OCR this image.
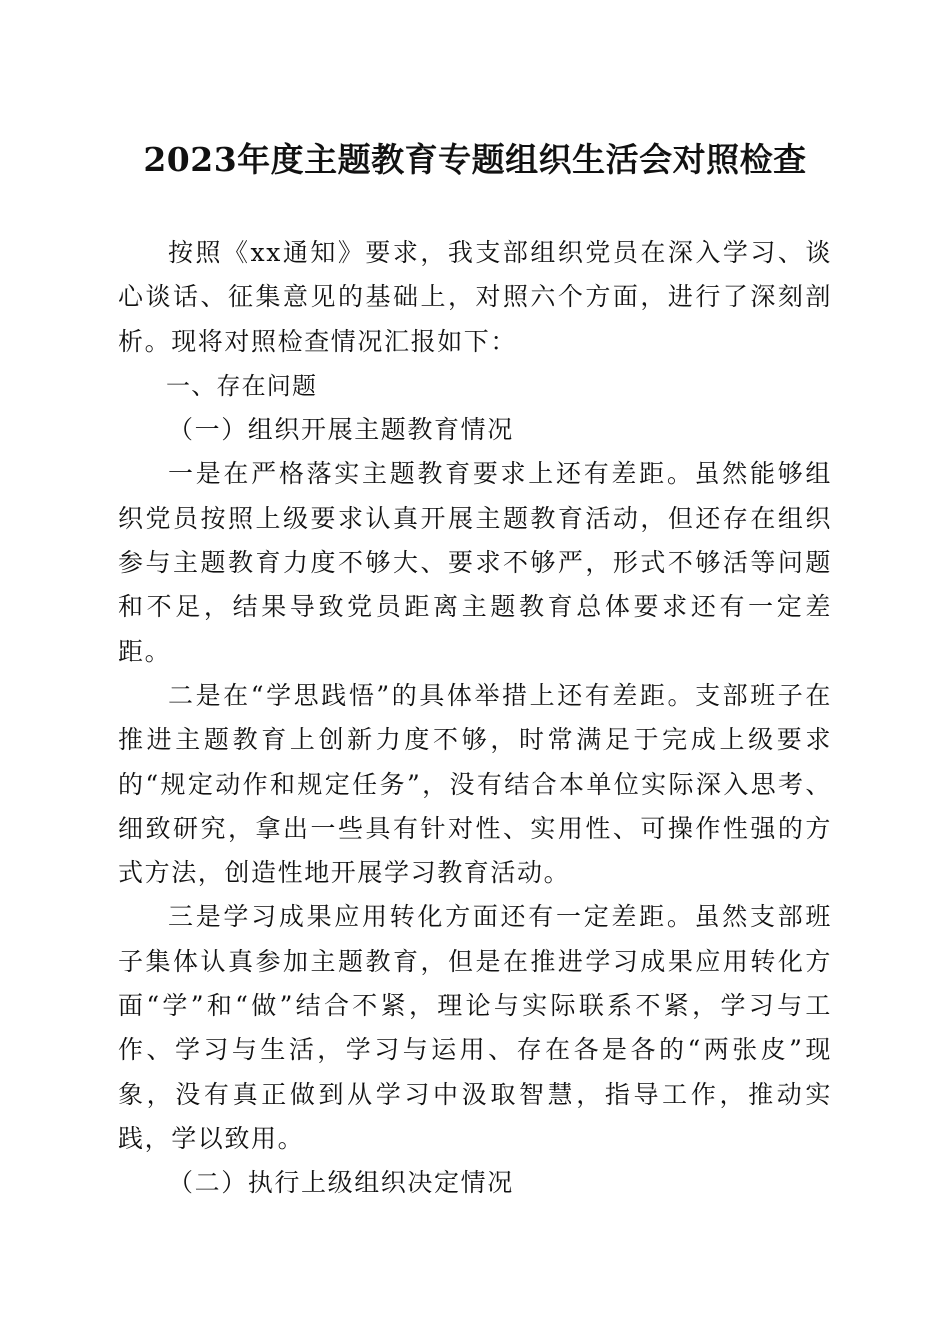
2023年度主题教育专题组织生活会对照检查

按照《xx通知》要求，我支部组织党员在深入学习、谈心谈话、征集意见的基础上，对照六个方面，进行了深刻剖析。现将对照检查情况汇报如下：

一、存在问题

（一）组织开展主题教育情况

一是在严格落实主题教育要求上还有差距。虽然能够组织党员按照上级要求认真开展主题教育活动，但还存在组织参与主题教育力度不够大、要求不够严，形式不够活等问题和不足，结果导致党员距离主题教育总体要求还有一定差距。

二是在“学思践悟”的具体举措上还有差距。支部班子在推进主题教育上创新力度不够，时常满足于完成上级要求的“规定动作和规定任务”，没有结合本单位实际深入思考、细致研究，拿出一些具有针对性、实用性、可操作性强的方式方法，创造性地开展学习教育活动。

三是学习成果应用转化方面还有一定差距。虽然支部班子集体认真参加主题教育，但是在推进学习成果应用转化方面“学”和“做”结合不紧，理论与实际联系不紧，学习与工作、学习与生活，学习与运用、存在各是各的“两张皮”现象，没有真正做到从学习中汲取智慧，指导工作，推动实践，学以致用。

（二）执行上级组织决定情况
